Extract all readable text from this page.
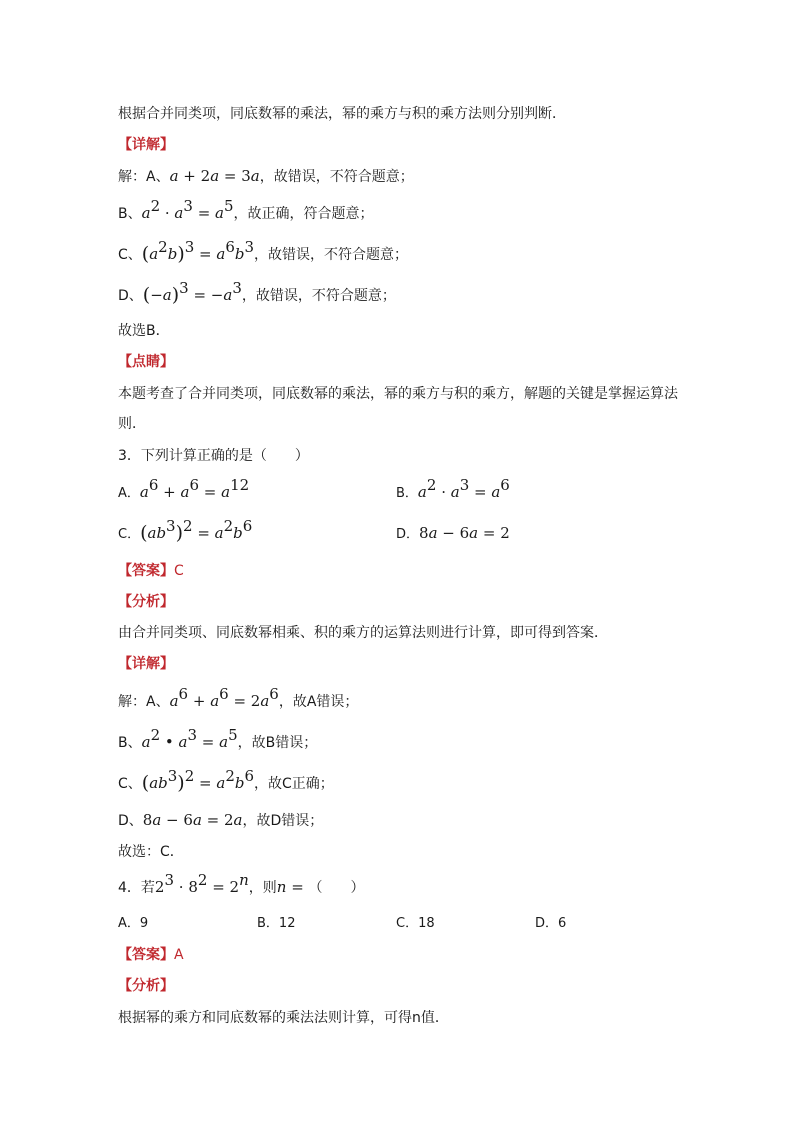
根据合并同类项，同底数幂的乘法，幂的乘方与积的乘方法则分别判断．
【详解】
解：A、a + 2a = 3a，故错误，不符合题意；
B、$a^2 \cdot a^3 = a^5$，故正确，符合题意；
C、$(a^2b)^3 = a^6b^3$，故错误，不符合题意；
D、$(-a)^3 = -a^3$，故错误，不符合题意；
故选B．
【点睛】
本题考查了合并同类项，同底数幂的乘法，幂的乘方与积的乘方，解题的关键是掌握运算法
则．
3．下列计算正确的是（　　）
A．$a^6 + a^6 = a^{12}$	B．$a^2 \cdot a^3 = a^6$
C．$(ab^3)^2 = a^2b^6$	D．8a − 6a = 2
【答案】C
【分析】
由合并同类项、同底数幂相乘、积的乘方的运算法则进行计算，即可得到答案．
【详解】
解：A、$a^6 + a^6 = 2a^6$，故A错误；
B、$a^2$ • $a^3 = a^5$，故B错误；
C、$(ab^3)^2 = a^2b^6$，故C正确；
D、8a − 6a = 2a，故D错误；
故选：C．
4．若$2^3 \cdot 8^2 = 2^n$，则n = （　　）
A．9	B．12	C．18	D．6
【答案】A
【分析】
根据幂的乘方和同底数幂的乘法法则计算，可得n值．
